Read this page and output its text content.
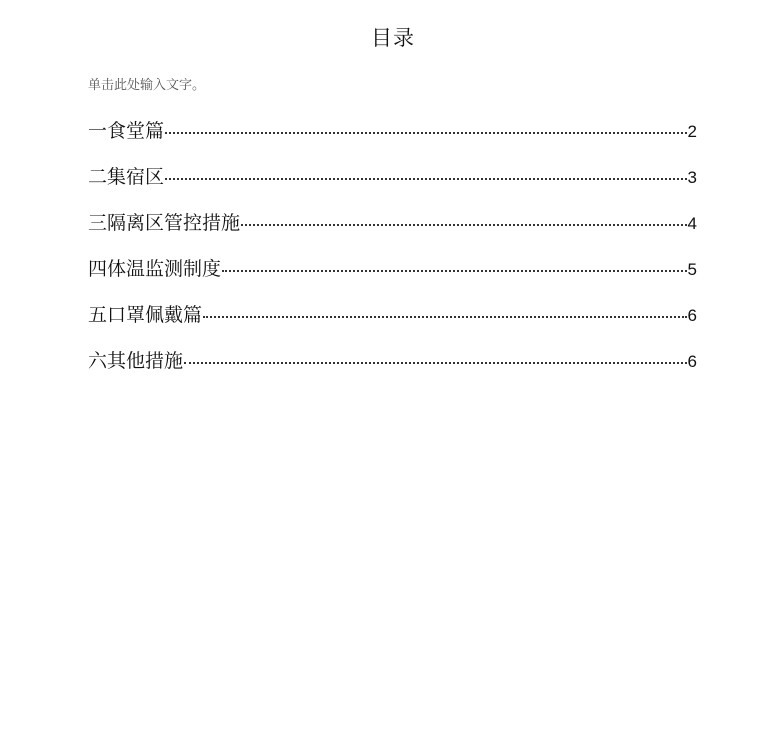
目录
单击此处输入文字。
一食堂篇	2
二集宿区	3
三隔离区管控措施	4
四体温监测制度	5
五口罩佩戴篇	6
六其他措施	6
